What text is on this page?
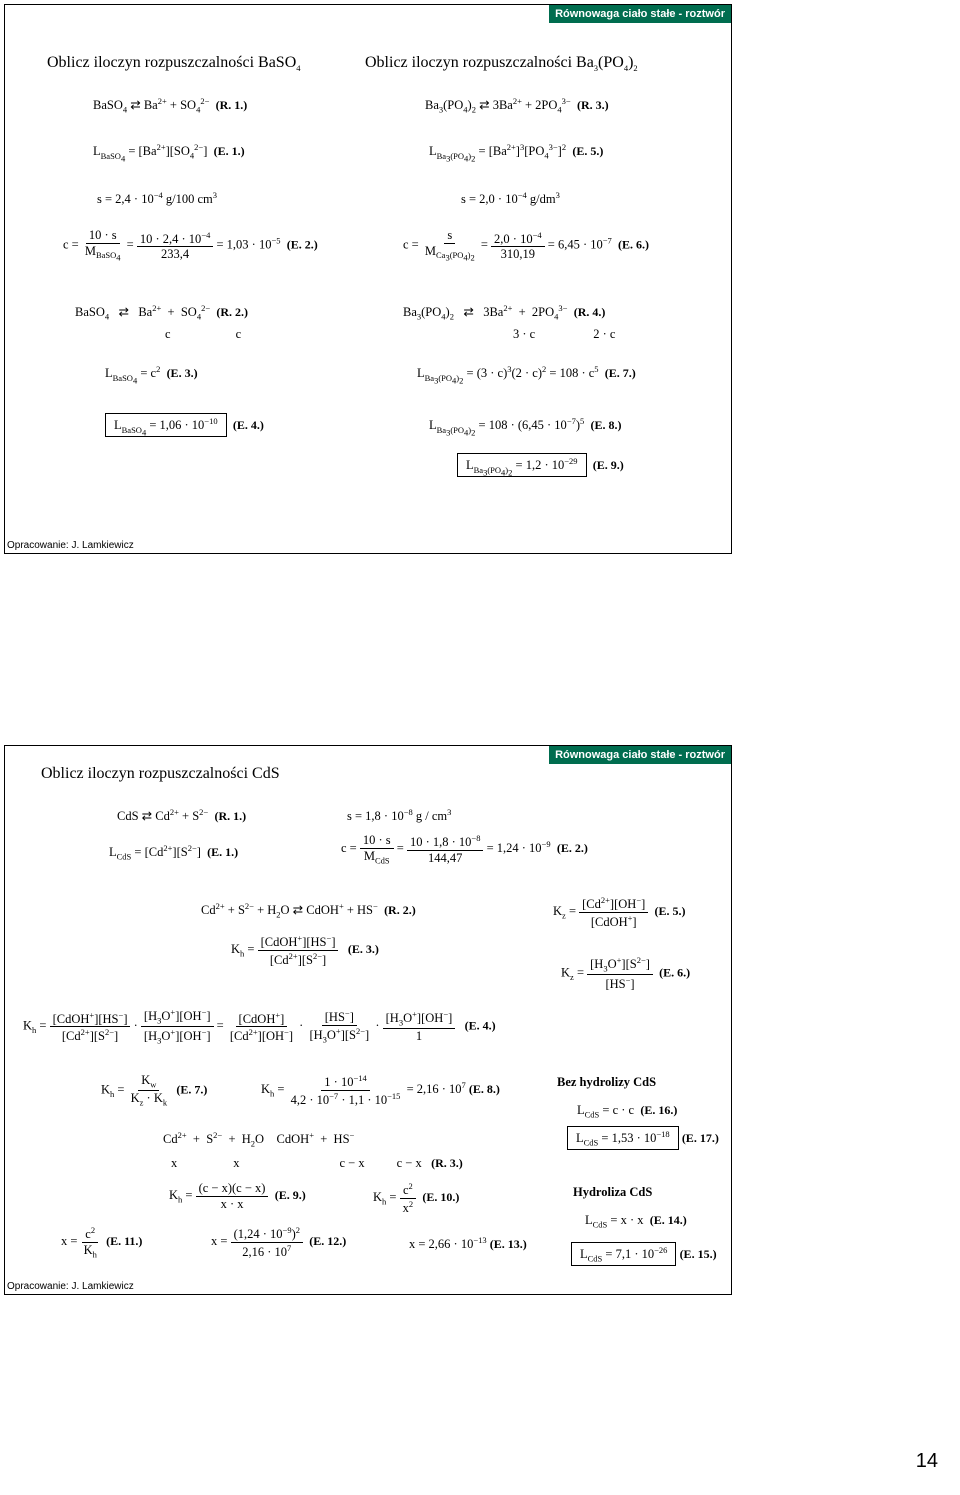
Równowaga ciało stałe - roztwór
Oblicz iloczyn rozpuszczalności BaSO$_4$	Oblicz iloczyn rozpuszczalności $Ba_3(PO_4)_2$
BaSO$_4$ ⇄ $Ba^{2+} + SO_4^{2-}$ (R. 1.)	$Ba_3(PO_4)_2$ ⇄ $3Ba^{2+} + 2PO_4^{3-}$ (R. 3.)
$L_{BaSO_4} = [Ba^{2+}][SO_4^{2-}]$  (E. 1.)	$L_{Ba_3(PO_4)_2} = [Ba^{2+}]^3[PO_4^{3-}]^2$ (E. 5.)
$s = 2,4 \cdot 10^{-4}$ g/100 $cm^3$	$s = 2,0 \cdot 10^{-4}$ $g/dm^3$
$c = \frac{10 \cdot s}{M_{BaSO_4}} = \frac{10 \cdot 2,4 \cdot 10^{-4}}{233,4} = 1,03 \cdot 10^{-5}$ (E. 2.)	$c = \frac{s}{M_{Ca_3(PO_4)_2}} = \frac{2,0 \cdot 10^{-4}}{310,19} = 6,45 \cdot 10^{-7}$ (E. 6.)
BaSO$_4$   ⇄   $Ba^{2+} + SO_4^{2-}$ (R. 2.)
c	c
$Ba_3(PO_4)_2$   ⇄   $3Ba^{2+} + 2PO_4^{3-}$ (R. 4.)
3 · c	2 · c
$L_{BaSO_4} = c^2$ (E. 3.)	$L_{Ba_3(PO_4)_2} = (3 \cdot c)^3(2 \cdot c)^2 = 108 \cdot c^5$ (E. 7.)
$L_{BaSO_4} = 1,06 \cdot 10^{-10}$ (E. 4.)	$L_{Ba_3(PO_4)_2} = 108 \cdot (6,45 \cdot 10^{-7})^5$ (E. 8.)
$L_{Ba_3(PO_4)_2} = 1,2 \cdot 10^{-29}$ (E. 9.)
Opracowanie: J. Lamkiewicz
Równowaga ciało stałe - roztwór
Oblicz iloczyn rozpuszczalności CdS
CdS ⇄ $Cd^{2+} + S^{2-}$ (R. 1.)	$s = 1,8 \cdot 10^{-8}$ g / $cm^3$
$L_{CdS} = [Cd^{2+}][S^{2-}]$  (E. 1.)	$c = \frac{10 \cdot s}{M_{CdS}} = \frac{10 \cdot 1,8 \cdot 10^{-8}}{144,47} = 1,24 \cdot 10^{-9}$ (E. 2.)
$Cd^{2+} + S^{2-} + H_2O$ ⇄ CdOH+ + HS− (R. 2.)
$K_h = \frac{[CdOH^+][HS^-]}{[Cd^{2+}][S^{2-}]} (E$. 3.)
$K_z = \frac{[Cd^{2+}][OH^-]}{[CdOH^+]} (E$. 5.)
$K_z = \frac{[H_3O^+][S^{2-}]}{[HS^-]} (E$. 6.)
$K_h = \frac{[CdOH^+][HS^-]}{[Cd^{2+}][S^{2-}]} \cdot \frac{[H_3O^+][OH^-]}{[H_3O^+][OH^-]} = \frac{[CdOH^+]}{[Cd^{2+}][OH^-]} \cdot \frac{[HS^-]}{[H_3O^+][S^{2-}]} \cdot \frac{[H_3O^+][OH^-]}{1} (E$. 4.)
$K_h = \frac{K_w}{K_z \cdot K_k} (E$. 7.)	$K_h = \frac{1 \cdot 10^{-14}}{4,2 \cdot 10^{-7} \cdot 1,1 \cdot 10^{-15}} = 2,16 \cdot 10^7$ (E. 8.)
Bez hydrolizy CdS
$L_{CdS} = c \cdot c$ (E. 16.)
$L_{CdS} = 1,53 \cdot 10^{-18}$ (E. 17.)
$Cd^{2+} + S^{2-} + H_2O$    CdOH+  +  HS−
x	x	c − x	c − x (R. 3.)
$K_h = \frac{(c - x)(c - x)}{x \cdot x} (E$. 9.)	$K_h = \frac{c^2}{x^2} (E$. 10.)	Hydroliza CdS
$L_{CdS} = x \cdot x$ (E. 14.)
$L_{CdS} = 7,1 \cdot 10^{-26}$ (E. 15.)
$x = \frac{c^2}{K_h} (E$. 11.)	$x = \frac{(1,24 \cdot 10^{-9})^2}{2,16 \cdot 10^7} (E$. 12.)	$x = 2,66 \cdot 10^{-13}$ (E. 13.)
Opracowanie: J. Lamkiewicz
14
